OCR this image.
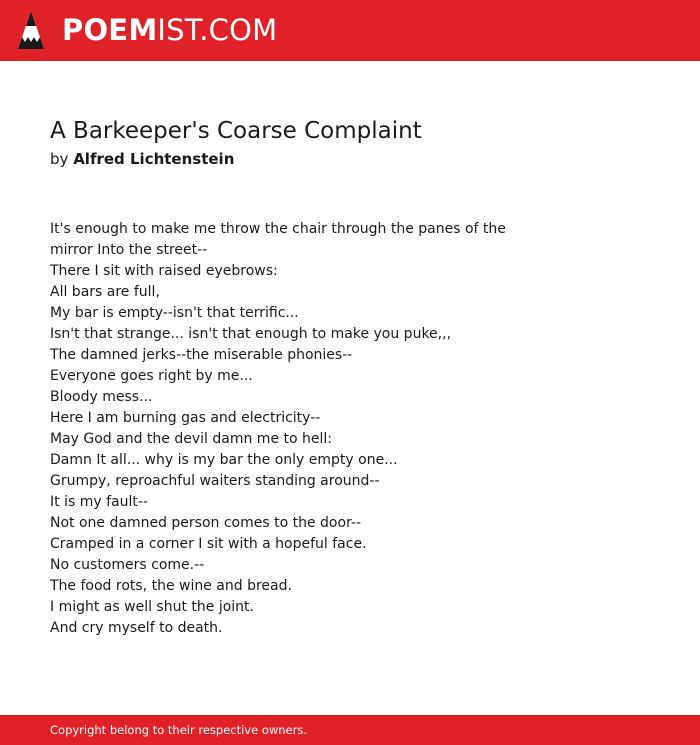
POEMIST.COM
A Barkeeper's Coarse Complaint
by Alfred Lichtenstein
It's enough to make me throw the chair through the panes of the
mirror Into the street--
There I sit with raised eyebrows:
All bars are full,
My bar is empty--isn't that terrific...
Isn't that strange... isn't that enough to make you puke,,,
The damned jerks--the miserable phonies--
Everyone goes right by me...
Bloody mess...
Here I am burning gas and electricity--
May God and the devil damn me to hell:
Damn It all... why is my bar the only empty one...
Grumpy, reproachful waiters standing around--
It is my fault--
Not one damned person comes to the door--
Cramped in a corner I sit with a hopeful face.
No customers come.--
The food rots, the wine and bread.
I might as well shut the joint.
And cry myself to death.
Copyright belong to their respective owners.
